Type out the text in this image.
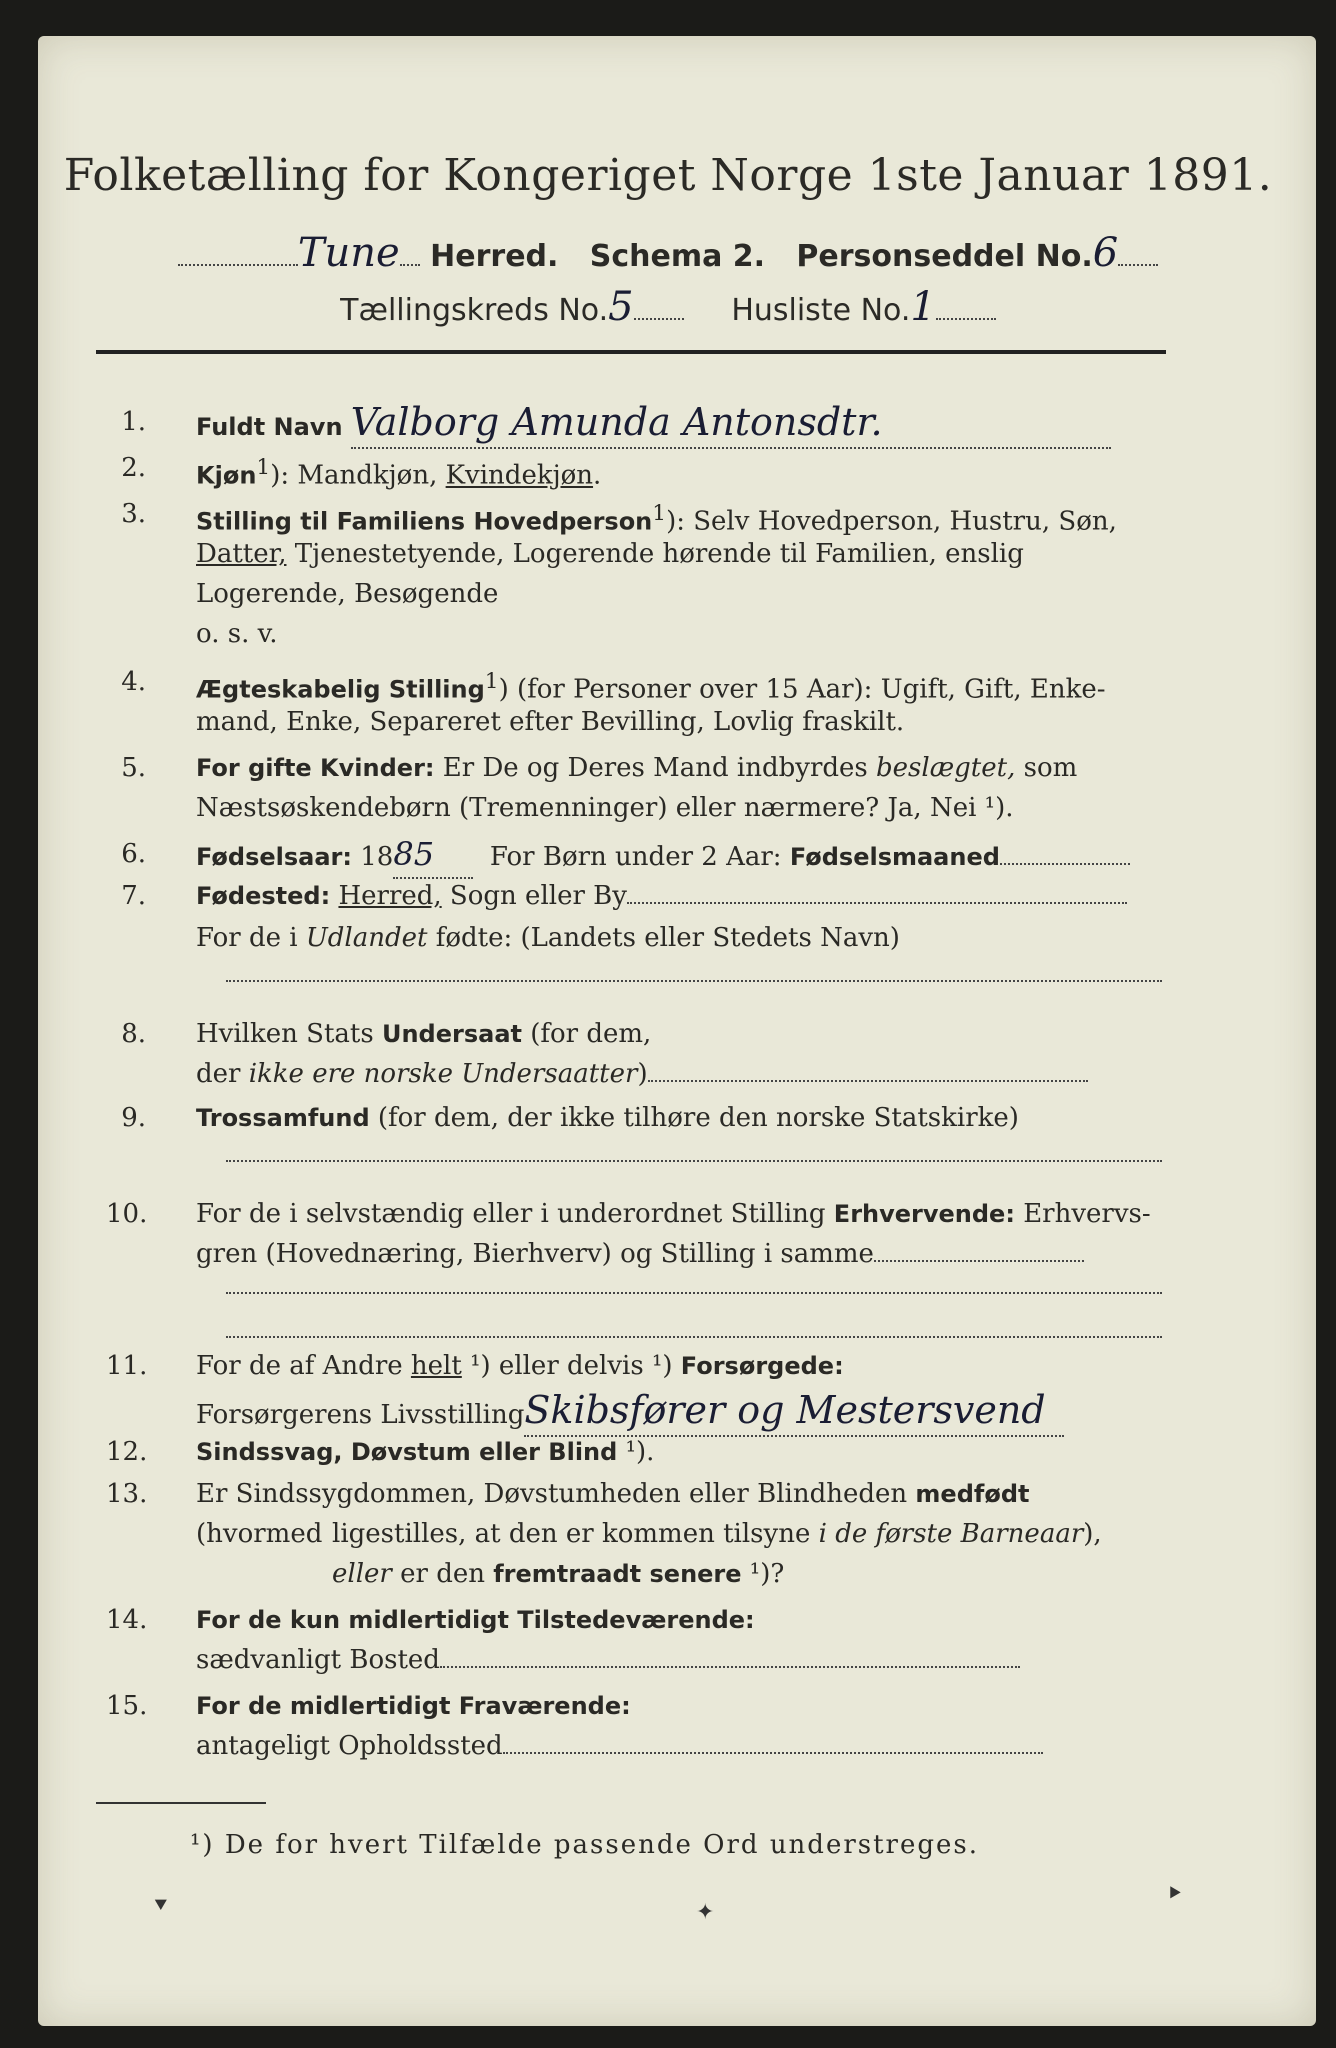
Folketælling for Kongeriget Norge 1ste Januar 1891.
Tune Herred. Schema 2. Personseddel No.6
Tællingskreds No.5	Husliste No.1
1. Fuldt Navn Valborg Amunda Antonsdtr.
2. Kjøn$^1$): Mandkjøn, Kvindekjøn.
3. Stilling til Familiens Hovedperson$^1$): Selv Hovedperson, Hustru, Søn,
Datter, Tjenestetyende, Logerende hørende til Familien, enslig
Logerende, Besøgende
o. s. v.
4. Ægteskabelig Stilling$^1$) (for Personer over 15 Aar): Ugift, Gift, Enke-
mand, Enke, Separeret efter Bevilling, Lovlig fraskilt.
5. For gifte Kvinder: Er De og Deres Mand indbyrdes beslægtet, som
Næstsøskendebørn (Tremenninger) eller nærmere? Ja, Nei ¹).
6. Fødselsaar: 1885 For Børn under 2 Aar: Fødselsmaaned
7. Fødested: Herred, Sogn eller By
For de i Udlandet fødte: (Landets eller Stedets Navn)
8. Hvilken Stats Undersaat (for dem,
der ikke ere norske Undersaatter)
9. Trossamfund (for dem, der ikke tilhøre den norske Statskirke)
10. For de i selvstændig eller i underordnet Stilling Erhvervende: Erhvervs-
gren (Hovednæring, Bierhverv) og Stilling i samme
11. For de af Andre helt ¹) eller delvis ¹) Forsørgede:
Forsørgerens LivsstillingSkibsfører og Mestersvend
12. Sindssvag, Døvstum eller Blind ¹).
13. Er Sindssygdommen, Døvstumheden eller Blindheden medfødt (hvormed ligestilles, at den er kommen tilsyne i de første Barneaar),
eller er den fremtraadt senere ¹)?
14. For de kun midlertidigt Tilstedeværende:
sædvanligt Bosted
15. For de midlertidigt Fraværende:
antageligt Opholdssted
¹) De for hvert Tilfælde passende Ord understreges.
⯆	✦
⯈
